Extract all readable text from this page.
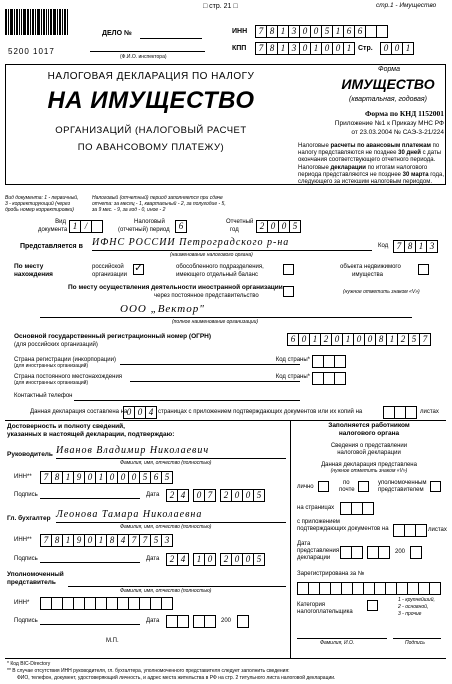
□ стр. 21 □	стр.1 - Имущество
5200 1017
ДЕЛО №
(Ф.И.О. инспектора)
ИНН	7 8 1 3 0 0 5 1 6 6
КПП	7 8 1 3 0 1 0 0 1 Стр.	0 0 1
НАЛОГОВАЯ ДЕКЛАРАЦИЯ ПО НАЛОГУ
НА ИМУЩЕСТВО
ОРГАНИЗАЦИЙ (НАЛОГОВЫЙ РАСЧЕТ
ПО АВАНСОВОМУ ПЛАТЕЖУ)
Форма
ИМУЩЕСТВО
(квартальная, годовая)
Форма по КНД 1152001
Приложение №1 к Приказу МНС РФ
от 23.03.2004 № САЭ-3-21/224
Налоговые расчеты по авансовым платежам по налогу представляются не позднее 30 дней с даты окончания соответствующего отчетного периода.
Налоговые декларации по итогам налогового периода представляются не позднее 30 марта года, следующего за истекшим налоговым периодом.
Вид документа: 1 - первичный,
3 - корректирующий (через
дробь номер корректировки)
Налоговый (отчетный) период заполняется при сдаче
отчета: за месяц - 1, квартальный - 2, за полугодие - 5,
за 9 мес. - 9, за год - 0, иное - 2
Вид
документа 1 /	Налоговый
(отчетный) период	6	Отчетный
год	2 0 0 5
Представляется в ИФНС РОССИИ Петроградского р-на
(наименование налогового органа)
Код 7 8 1 3
По месту
нахождения
российской
организации
✓	обособленного подразделения,
имеющего отдельный баланс
объекта недвижимого
имущества
По месту осуществления деятельности иностранной организации
через постоянное представительство
(нужное отметить знаком «V»)
ООО „Вектор"
(полное наименование организации)
Основной государственный регистрационный номер (ОГРН)
(для российских организаций)
6 0 1 2 0 1 0 0 8 1 2 5 7
Страна регистрации (инкорпорации)
(для иностранных организаций)
Код страны*
Страна постоянного местонахождения
(для иностранных организаций)
Код страны*
Контактный телефон
Данная декларация составлена на 0 0 4 страницах с приложением подтверждающих документов или их копий на	листах
Достоверность и полноту сведений,
указанных в настоящей декларации, подтверждаю:
Руководитель Иванов Владимир Николаевич
Фамилия, имя, отчество (полностью)
ИНН**	7 8 1 9 0 1 0 0 0 5 6 5
Подпись	Дата	2 4	0 7	2 0 0 5
Гл. бухгалтер Леонова Тамара Николаевна
Фамилия, имя, отчество (полностью)
ИНН**	7 8 1 9 0 1 8 4 7 7 5 3
Подпись	Дата	2 4	1 0	2 0 0 5
Уполномоченный
представитель
Фамилия, имя, отчество (полностью)
ИНН*
Подпись	Дата	200
М.П.
Заполняется работником
налогового органа
Сведения о представлении
налоговой декларации
Данная декларация представлена
(нужное отметить знаком «V»)
лично
по
почте
уполномоченным
представителем
на страницах
с приложением
подтверждающих документов на	листах
Дата
представления
декларации
200
Зарегистрирована за №
Категория
налогоплательщика
1 - крупнейший,
2 - основной,
3 - прочие
Фамилия, И.О.	Подпись
* Код BIC-Directory
** В случае отсутствия ИНН руководителя, гл. бухгалтера, уполномоченного представителя следует заполнить сведения:
ФИО, телефон, документ, удостоверяющий личность, и адрес места жительства в РФ на стр. 2 титульного листа налоговой декларации.
